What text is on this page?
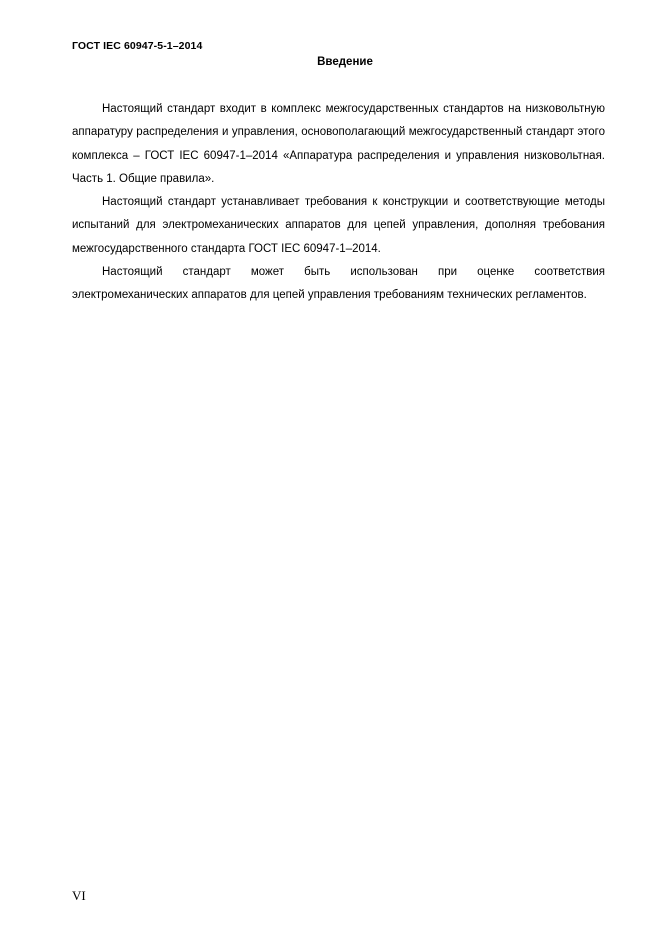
ГОСТ IEC 60947-5-1–2014
Введение

Настоящий стандарт входит в комплекс межгосударственных стандартов на низковольтную аппаратуру распределения и управления, основополагающий межгосударственный стандарт этого комплекса – ГОСТ IEC 60947-1–2014 «Аппаратура распределения и управления низковольтная. Часть 1. Общие правила».

Настоящий стандарт устанавливает требования к конструкции и соответствующие методы испытаний для электромеханических аппаратов для цепей управления, дополняя требования межгосударственного стандарта ГОСТ IEC 60947-1–2014.

Настоящий стандарт может быть использован при оценке соответствия электромеханических аппаратов для цепей управления требованиям технических регламентов.

VI
